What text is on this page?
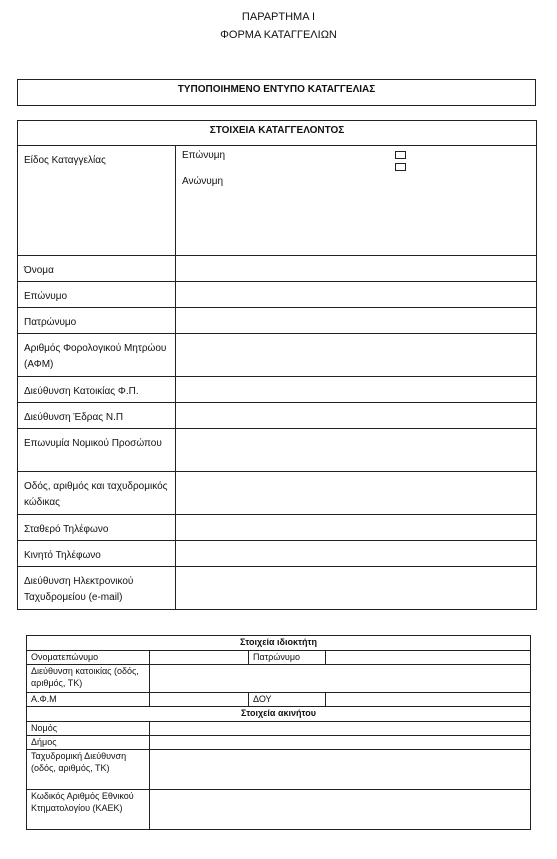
ΠΑΡΑΡΤΗΜΑ Ι
ΦΟΡΜΑ ΚΑΤΑΓΓΕΛΙΩΝ
ΤΥΠΟΠΟΙΗΜΕΝΟ ΕΝΤΥΠΟ ΚΑΤΑΓΓΕΛΙΑΣ
ΣΤΟΙΧΕΙΑ ΚΑΤΑΓΓΕΛΟΝΤΟΣ	
Είδος Καταγγελίας	Επώνυμη
Ανώνυμη

Όνομα	
Επώνυμο	
Πατρώνυμο	
Αριθμός Φορολογικού Μητρώου (ΑΦΜ)	
Διεύθυνση Κατοικίας Φ.Π.	
Διεύθυνση Έδρας Ν.Π	
Επωνυμία Νομικού Προσώπου	
Οδός, αριθμός και ταχυδρομικός κώδικας	
Σταθερό Τηλέφωνο	
Κινητό Τηλέφωνο	
Διεύθυνση Ηλεκτρονικού Ταχυδρομείου (e-mail)	
Στοιχεία ιδιοκτήτη			
Ονοματεπώνυμο		Πατρώνυμο	
Διεύθυνση κατοικίας (οδός, αριθμός, ΤΚ)			
Α.Φ.Μ		ΔΟΥ	
Στοιχεία ακινήτου			
Νομός			
Δήμος			
Ταχυδρομική Διεύθυνση (οδός, αριθμός, ΤΚ)			
Κωδικός Αριθμός Εθνικού Κτηματολογίου (ΚΑΕΚ)			
